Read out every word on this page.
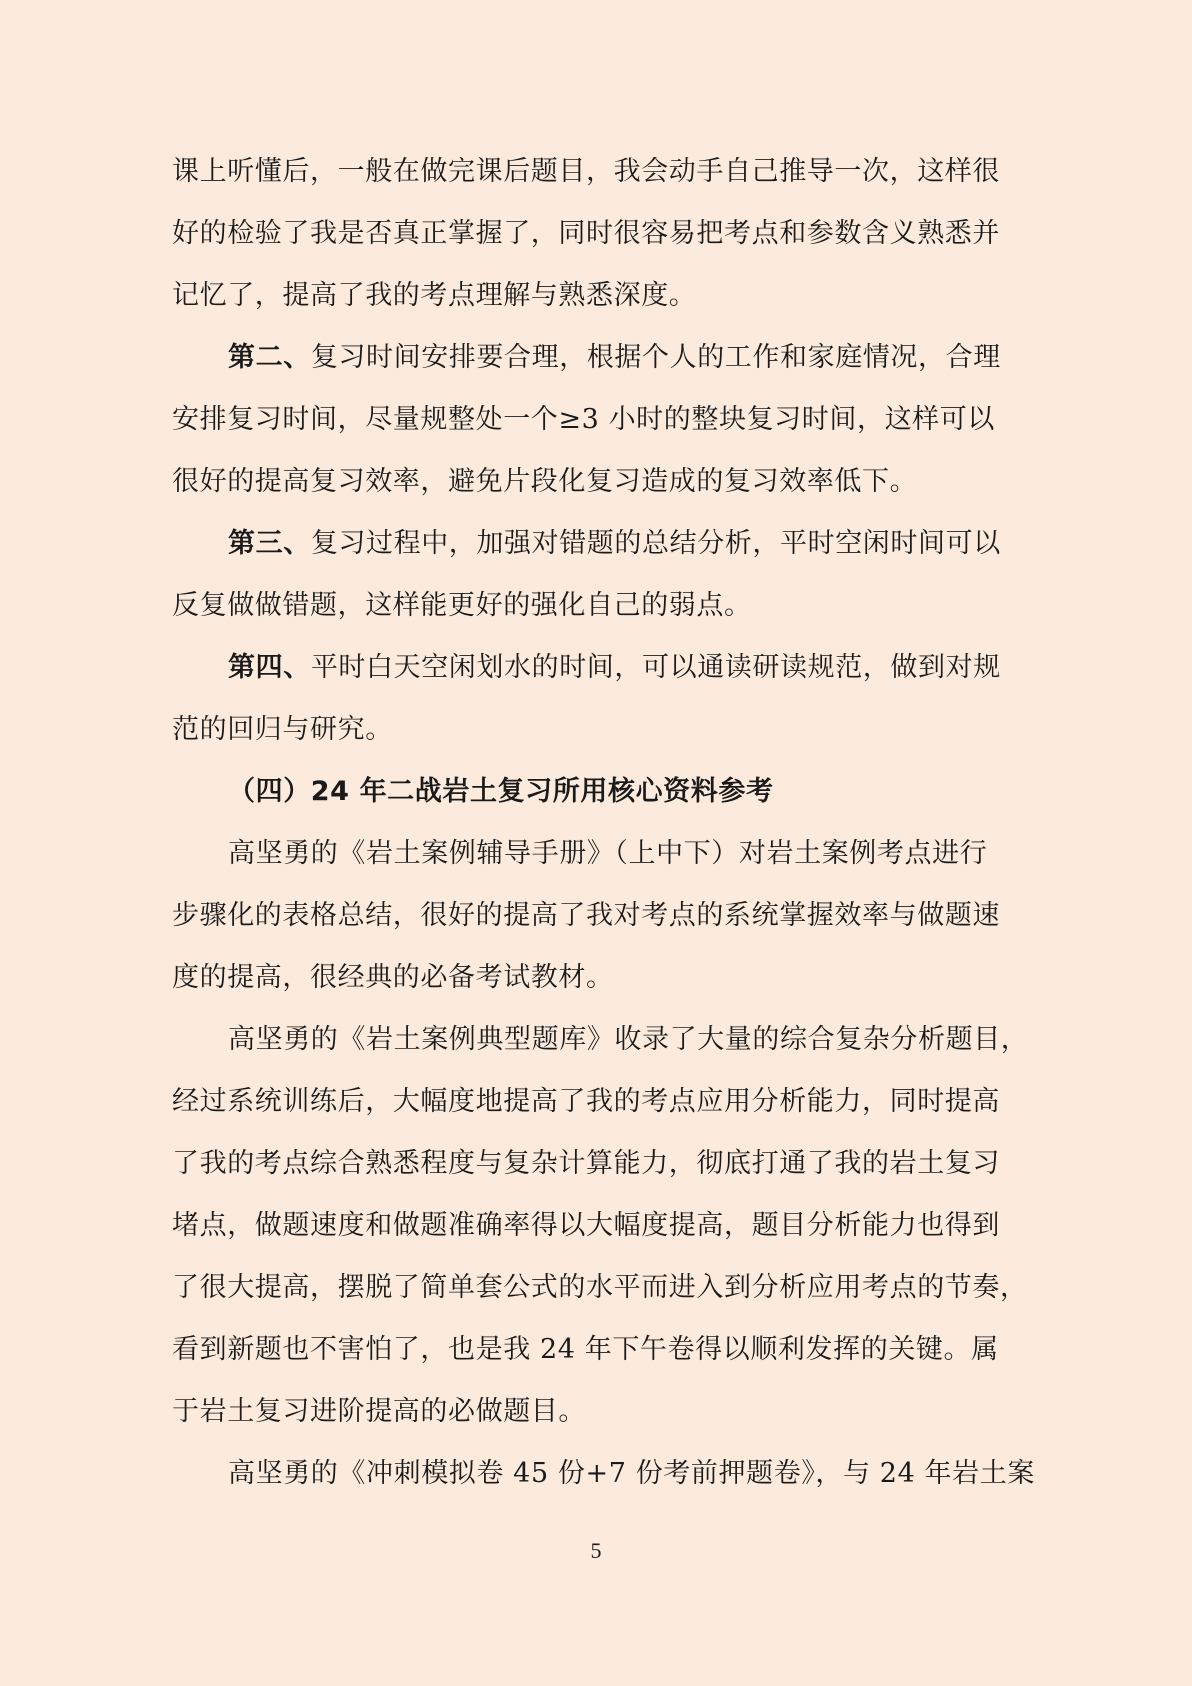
课上听懂后，一般在做完课后题目，我会动手自己推导一次，这样很
好的检验了我是否真正掌握了，同时很容易把考点和参数含义熟悉并
记忆了，提高了我的考点理解与熟悉深度。
第二、复习时间安排要合理，根据个人的工作和家庭情况，合理
安排复习时间，尽量规整处一个≥3 小时的整块复习时间，这样可以
很好的提高复习效率，避免片段化复习造成的复习效率低下。
第三、复习过程中，加强对错题的总结分析，平时空闲时间可以
反复做做错题，这样能更好的强化自己的弱点。
第四、平时白天空闲划水的时间，可以通读研读规范，做到对规
范的回归与研究。
（四）24 年二战岩土复习所用核心资料参考
高坚勇的《岩土案例辅导手册》（上中下）对岩土案例考点进行
步骤化的表格总结，很好的提高了我对考点的系统掌握效率与做题速
度的提高，很经典的必备考试教材。
高坚勇的《岩土案例典型题库》收录了大量的综合复杂分析题目，
经过系统训练后，大幅度地提高了我的考点应用分析能力，同时提高
了我的考点综合熟悉程度与复杂计算能力，彻底打通了我的岩土复习
堵点，做题速度和做题准确率得以大幅度提高，题目分析能力也得到
了很大提高，摆脱了简单套公式的水平而进入到分析应用考点的节奏，
看到新题也不害怕了，也是我 24 年下午卷得以顺利发挥的关键。属
于岩土复习进阶提高的必做题目。
高坚勇的《冲刺模拟卷 45 份+7 份考前押题卷》，与 24 年岩土案
5
